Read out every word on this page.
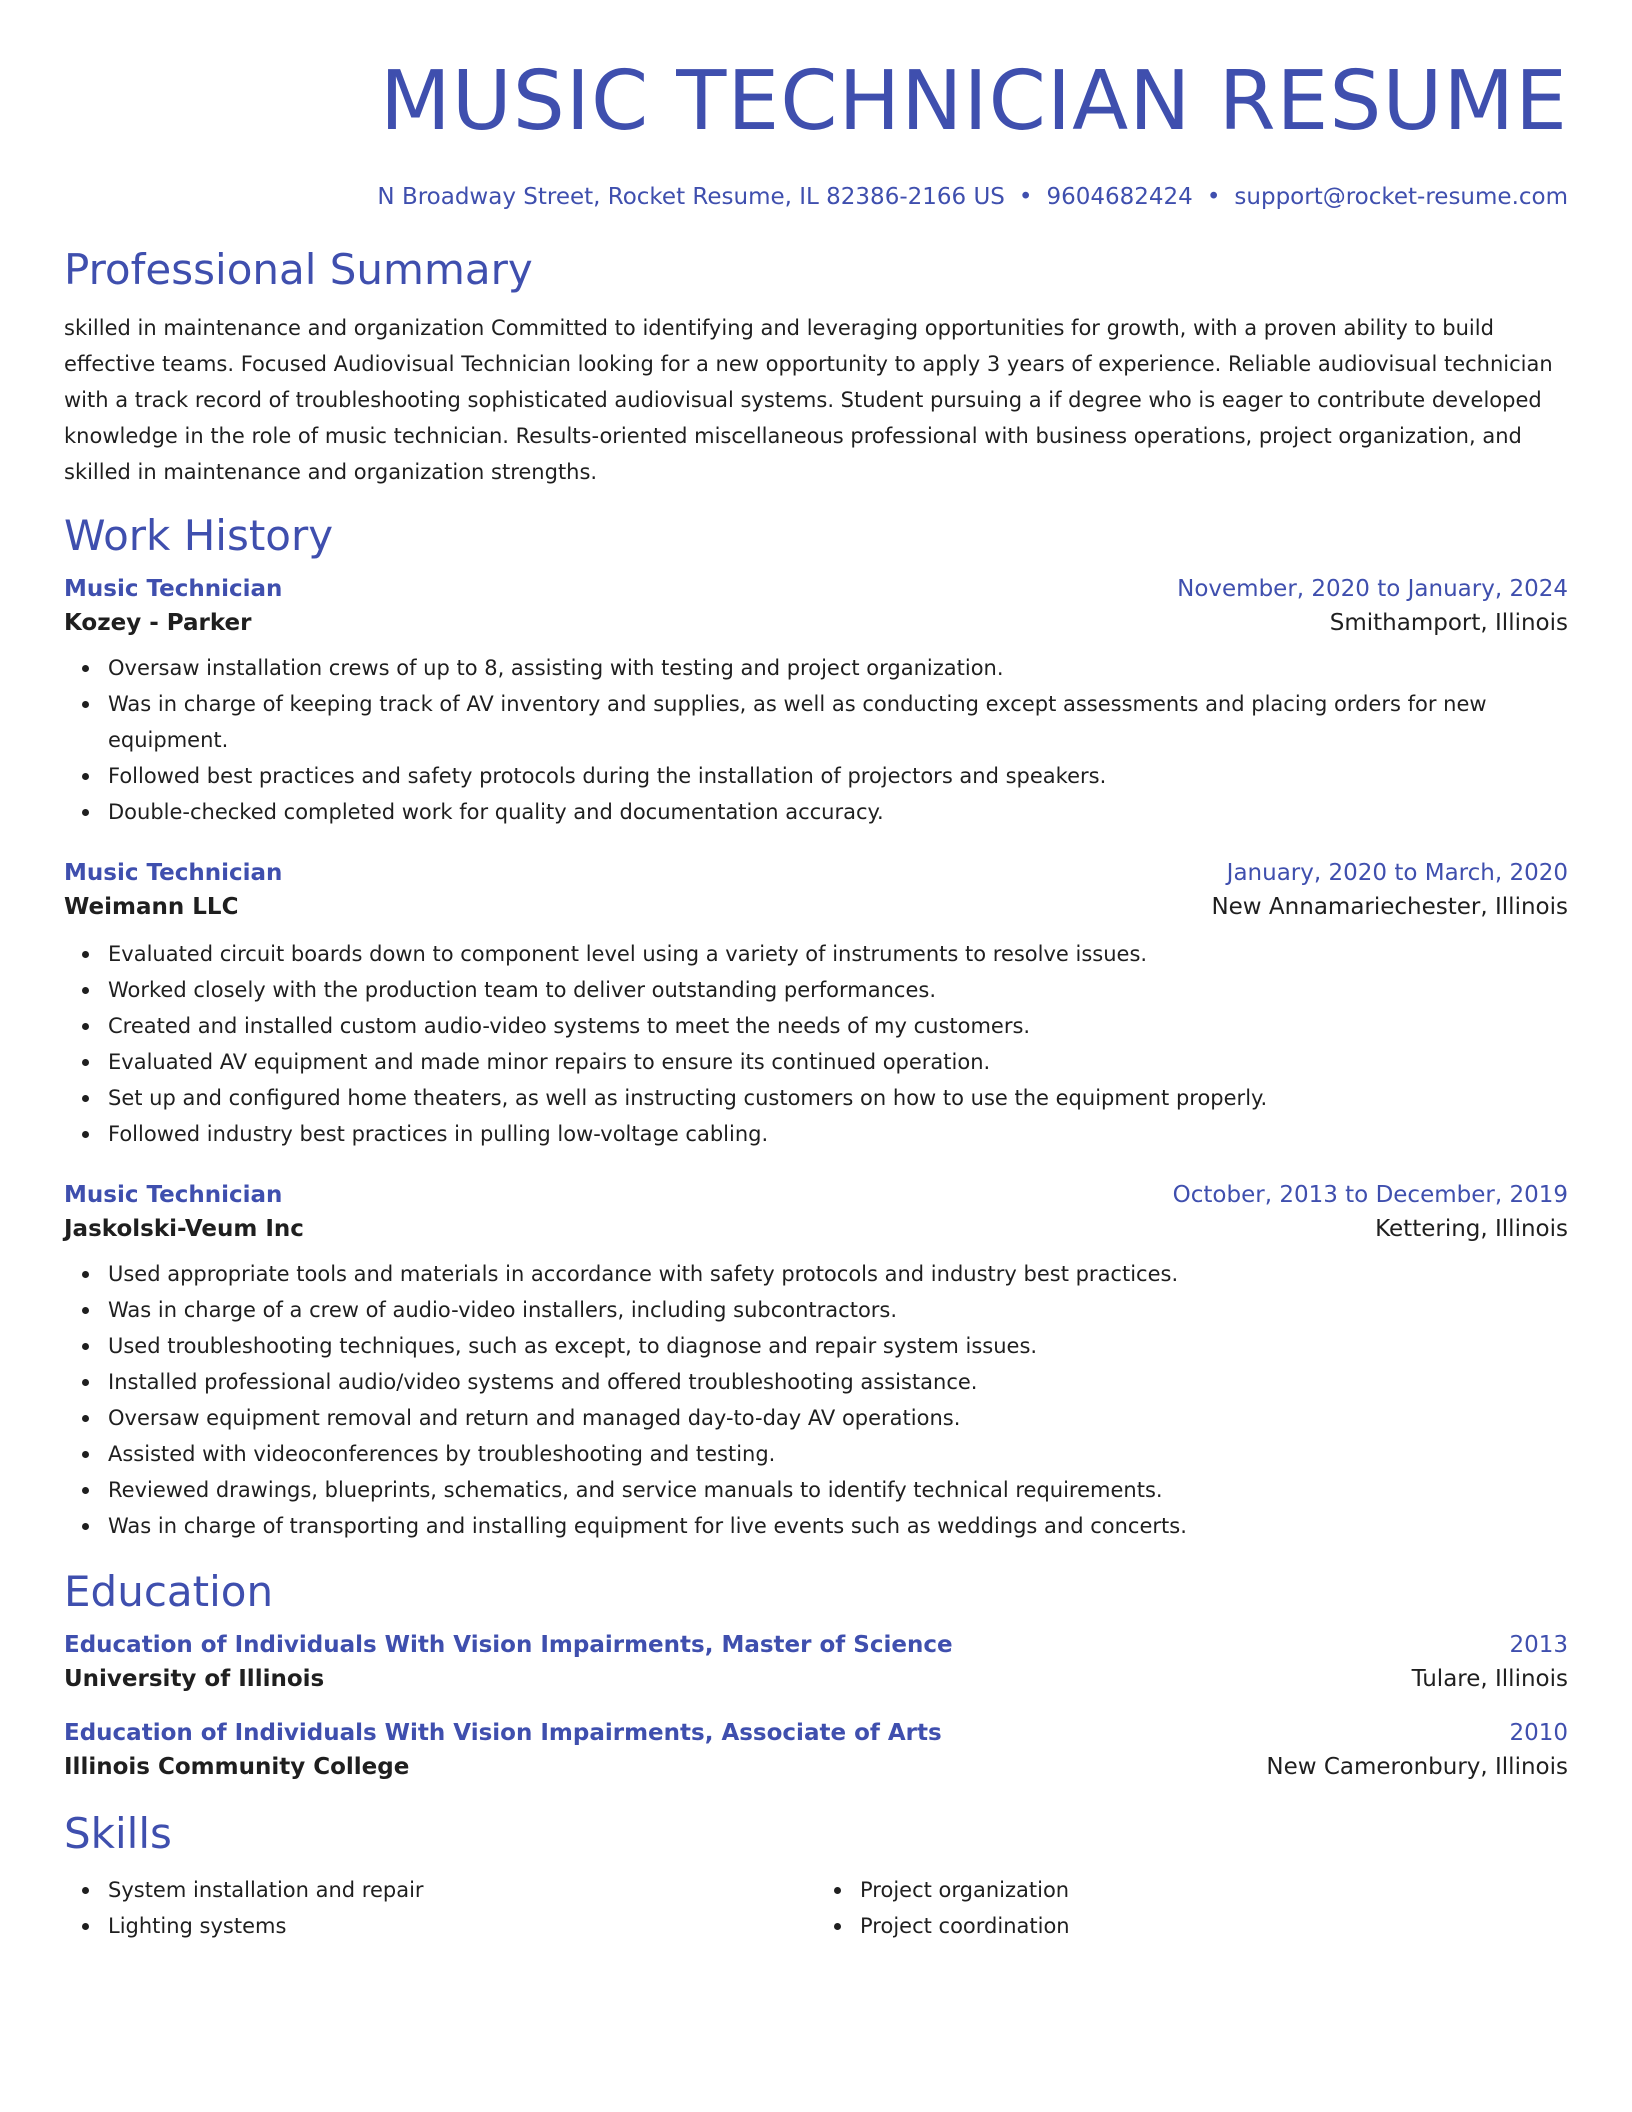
MUSIC TECHNICIAN RESUME
N Broadway Street, Rocket Resume, IL 82386-2166 US • 9604682424 • support@rocket-resume.com
Professional Summary
skilled in maintenance and organization Committed to identifying and leveraging opportunities for growth, with a proven ability to build effective teams. Focused Audiovisual Technician looking for a new opportunity to apply 3 years of experience. Reliable audiovisual technician with a track record of troubleshooting sophisticated audiovisual systems. Student pursuing a if degree who is eager to contribute developed knowledge in the role of music technician. Results-oriented miscellaneous professional with business operations, project organization, and skilled in maintenance and organization strengths.
Work History
Music Technician	November, 2020 to January, 2024
Kozey - Parker	Smithamport, Illinois
Oversaw installation crews of up to 8, assisting with testing and project organization.
Was in charge of keeping track of AV inventory and supplies, as well as conducting except assessments and placing orders for new equipment.
Followed best practices and safety protocols during the installation of projectors and speakers.
Double-checked completed work for quality and documentation accuracy.
Music Technician	January, 2020 to March, 2020
Weimann LLC	New Annamariechester, Illinois
Evaluated circuit boards down to component level using a variety of instruments to resolve issues.
Worked closely with the production team to deliver outstanding performances.
Created and installed custom audio-video systems to meet the needs of my customers.
Evaluated AV equipment and made minor repairs to ensure its continued operation.
Set up and configured home theaters, as well as instructing customers on how to use the equipment properly.
Followed industry best practices in pulling low-voltage cabling.
Music Technician	October, 2013 to December, 2019
Jaskolski-Veum Inc	Kettering, Illinois
Used appropriate tools and materials in accordance with safety protocols and industry best practices.
Was in charge of a crew of audio-video installers, including subcontractors.
Used troubleshooting techniques, such as except, to diagnose and repair system issues.
Installed professional audio/video systems and offered troubleshooting assistance.
Oversaw equipment removal and return and managed day-to-day AV operations.
Assisted with videoconferences by troubleshooting and testing.
Reviewed drawings, blueprints, schematics, and service manuals to identify technical requirements.
Was in charge of transporting and installing equipment for live events such as weddings and concerts.
Education
Education of Individuals With Vision Impairments, Master of Science	2013
University of Illinois	Tulare, Illinois
Education of Individuals With Vision Impairments, Associate of Arts	2010
Illinois Community College	New Cameronbury, Illinois
Skills
System installation and repair
Lighting systems
Project organization
Project coordination
